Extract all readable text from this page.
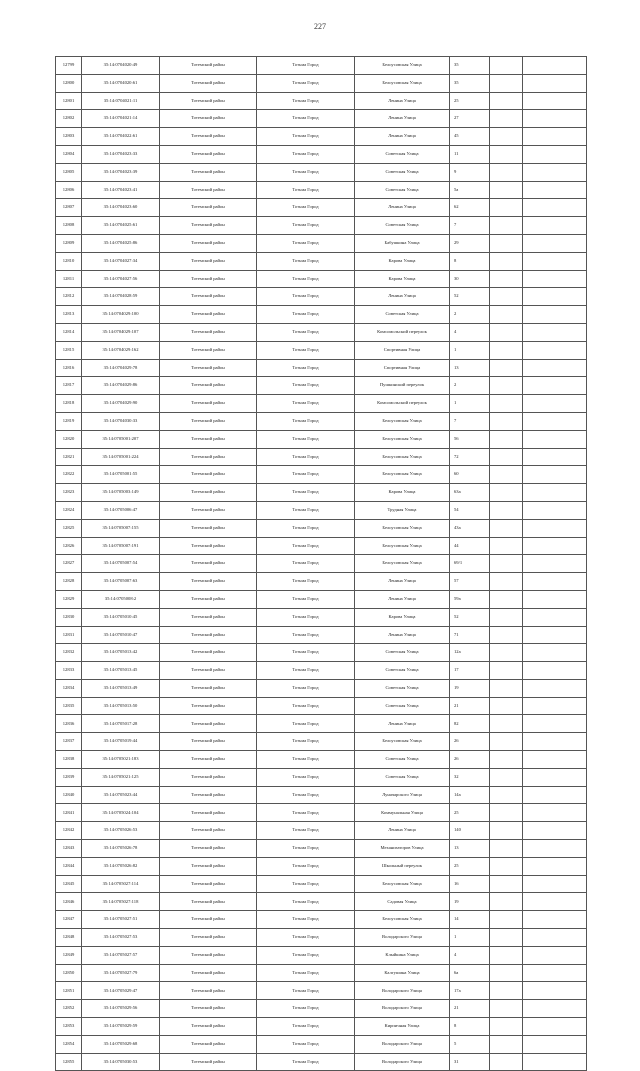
227
12799	35:14:0704020:49	Тотемский район	Тотьма Город	Белоусовская Улица	35		
12800	35:14:0704020:61	Тотемский район	Тотьма Город	Белоусовская Улица	35		
12801	35:14:0704021:11	Тотемский район	Тотьма Город	Ленина Улица	25		
12802	35:14:0704021:14	Тотемский район	Тотьма Город	Ленина Улица	27		
12803	35:14:0704022:61	Тотемский район	Тотьма Город	Ленина Улица	45		
12804	35:14:0704023:33	Тотемский район	Тотьма Город	Советская Улица	11		
12805	35:14:0704023:39	Тотемский район	Тотьма Город	Советская Улица	9		
12806	35:14:0704023:41	Тотемский район	Тотьма Город	Советская Улица	5а		
12807	35:14:0704023:60	Тотемский район	Тотьма Город	Ленина Улица	62		
12808	35:14:0704025:61	Тотемский район	Тотьма Город	Советская Улица	7		
12809	35:14:0704025:86	Тотемский район	Тотьма Город	Бабушкина Улица	29		
12810	35:14:0704027:34	Тотемский район	Тотьма Город	Карова Улица	8		
12811	35:14:0704027:56	Тотемский район	Тотьма Город	Карова Улица	30		
12812	35:14:0704028:59	Тотемский район	Тотьма Город	Ленина Улица	52		
12813	35:14:0704029:100	Тотемский район	Тотьма Город	Советская Улица	2		
12814	35:14:0704029:107	Тотемский район	Тотьма Город	Комсомольский переулок	4		
12815	35:14:0704029:162	Тотемский район	Тотьма Город	Спортивная Улица	1		
12816	35:14:0704029:78	Тотемский район	Тотьма Город	Спортивная Улица	13		
12817	35:14:0704029:86	Тотемский район	Тотьма Город	Пушкинский переулок	2		
12818	35:14:0704029:90	Тотемский район	Тотьма Город	Комсомольский переулок	1		
12819	35:14:0704030:33	Тотемский район	Тотьма Город	Белоусовская Улица	7		
12820	35:14:0705001:207	Тотемский район	Тотьма Город	Белоусовская Улица	56		
12821	35:14:0705001:224	Тотемский район	Тотьма Город	Белоусовская Улица	72		
12822	35:14:0705001:55	Тотемский район	Тотьма Город	Белоусовская Улица	60		
12823	35:14:0705003:149	Тотемский район	Тотьма Город	Карова Улица	63а		
12824	35:14:0705006:47	Тотемский район	Тотьма Город	Трудная Улица	54		
12825	35:14:0705007:155	Тотемский район	Тотьма Город	Белоусовская Улица	43а		
12826	35:14:0705007:191	Тотемский район	Тотьма Город	Белоусовская Улица	44		
12827	35:14:0705007:54	Тотемский район	Тотьма Город	Белоусовская Улица	69/1		
12828	35:14:0705007:63	Тотемский район	Тотьма Город	Ленина Улица	57		
12829	35:14:0705008:2	Тотемский район	Тотьма Город	Ленина Улица	59а		
12830	35:14:0705010:45	Тотемский район	Тотьма Город	Карова Улица	52		
12831	35:14:0705010:47	Тотемский район	Тотьма Город	Ленина Улица	71		
12832	35:14:0705013:42	Тотемский район	Тотьма Город	Советская Улица	12а		
12833	35:14:0705013:45	Тотемский район	Тотьма Город	Советская Улица	17		
12834	35:14:0705013:49	Тотемский район	Тотьма Город	Советская Улица	19		
12835	35:14:0705013:50	Тотемский район	Тотьма Город	Советская Улица	21		
12836	35:14:0705017:28	Тотемский район	Тотьма Город	Ленина Улица	82		
12837	35:14:0705019:44	Тотемский район	Тотьма Город	Белоусовская Улица	26		
12838	35:14:0705021:183	Тотемский район	Тотьма Город	Советская Улица	26		
12839	35:14:0705021:125	Тотемский район	Тотьма Город	Советская Улица	32		
12840	35:14:0705023:44	Тотемский район	Тотьма Город	Луначарского Улица	14а		
12841	35:14:0705024:104	Тотемский район	Тотьма Город	Коммунальная Улица	25		
12842	35:14:0705026:53	Тотемский район	Тотьма Город	Ленина Улица	140		
12843	35:14:0705026:78	Тотемский район	Тотьма Город	Механизаторов Улица	13		
12844	35:14:0705026:82	Тотемский район	Тотьма Город	Школьный переулок	25		
12845	35:14:0705027:114	Тотемский район	Тотьма Город	Белоусовская Улица	16		
12846	35:14:0705027:118	Тотемский район	Тотьма Город	Садовая Улица	19		
12847	35:14:0705027:51	Тотемский район	Тотьма Город	Белоусовская Улица	14		
12848	35:14:0705027:53	Тотемский район	Тотьма Город	Володарского Улица	1		
12849	35:14:0705027:57	Тотемский район	Тотьма Город	Клыйкина Улица	4		
12850	35:14:0705027:79	Тотемский район	Тотьма Город	Калгушина Улица	6а		
12851	35:14:0705029:47	Тотемский район	Тотьма Город	Володарского Улица	17а		
12852	35:14:0705029:56	Тотемский район	Тотьма Город	Володарского Улица	21		
12853	35:14:0705029:59	Тотемский район	Тотьма Город	Кирпичная Улица	8		
12854	35:14:0705029:68	Тотемский район	Тотьма Город	Володарского Улица	5		
12855	35:14:0705030:53	Тотемский район	Тотьма Город	Володарского Улица	31		
